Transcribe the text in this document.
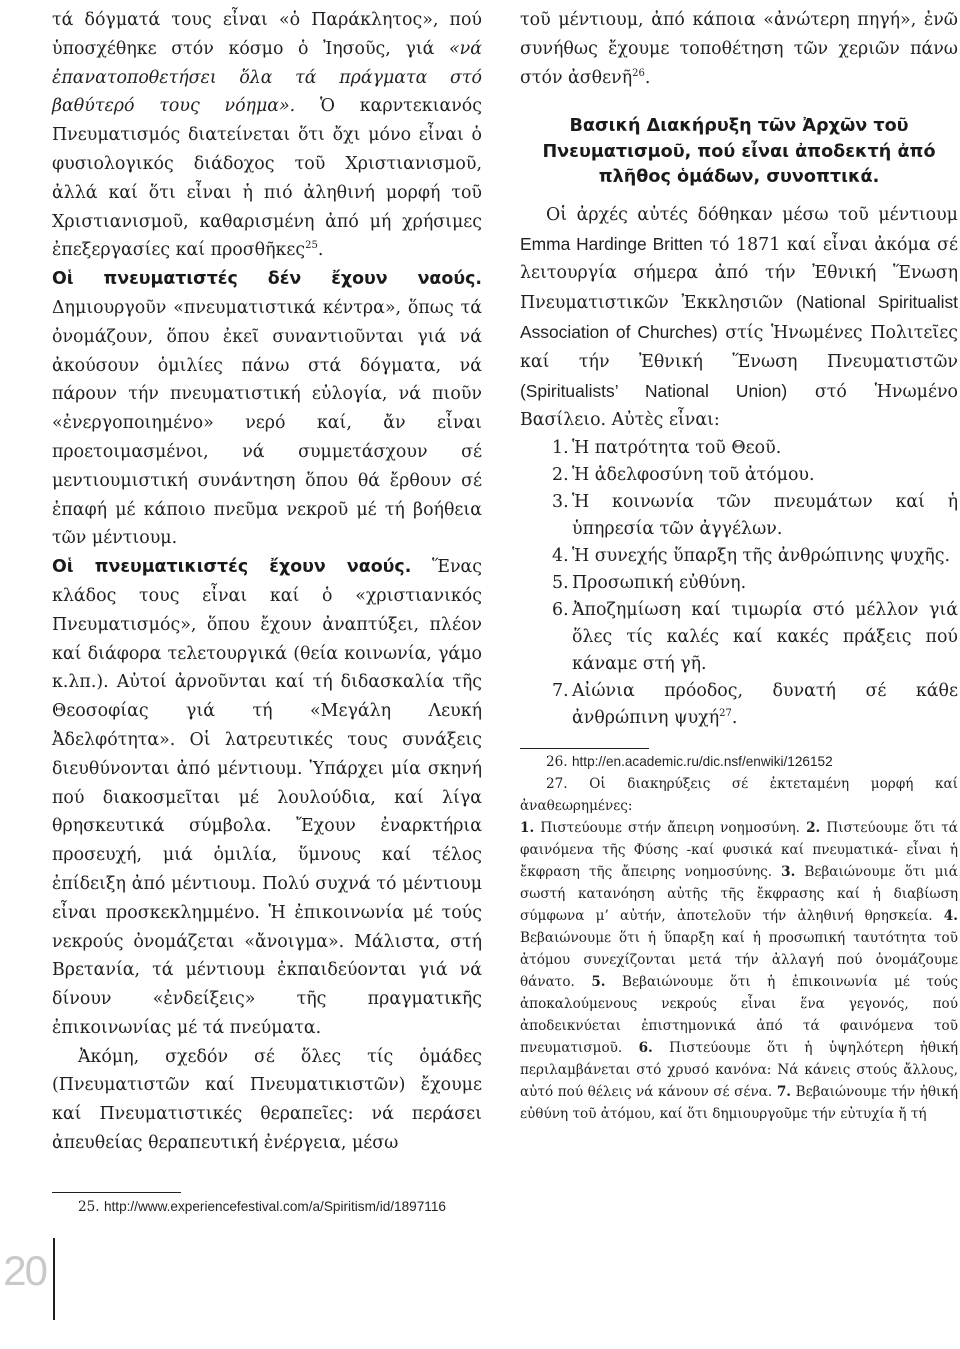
τά δόγματά τους εἶναι «ὁ Παράκλητος», πού ὑποσχέθηκε στόν κόσμο ὁ Ἰησοῦς, γιά «νά ἐπανατοποθετήσει ὅλα τά πράγματα στό βαθύτερό τους νόημα». Ὁ καρντεκιανός Πνευματισμός διατείνεται ὅτι ὄχι μόνο εἶναι ὁ φυσιολογικός διάδοχος τοῦ Χριστιανισμοῦ, ἀλλά καί ὅτι εἶναι ἡ πιό ἀληθινή μορφή τοῦ Χριστιανισμοῦ, καθαρισμένη ἀπό μή χρήσιμες ἐπεξεργασίες καί προσθῆκες$^{25}$.

Οἱ πνευματιστές δέν ἔχουν ναούς. Δημιουργοῦν «πνευματιστικά κέντρα», ὅπως τά ὀνομάζουν, ὅπου ἐκεῖ συναντιοῦνται γιά νά ἀκούσουν ὁμιλίες πάνω στά δόγματα, νά πάρουν τήν πνευματιστική εὐλογία, νά πιοῦν «ἐνεργοποιημένο» νερό καί, ἄν εἶναι προετοιμασμένοι, νά συμμετάσχουν σέ μεντιουμιστική συνάντηση ὅπου θά ἔρθουν σέ ἐπαφή μέ κάποιο πνεῦμα νεκροῦ μέ τή βοήθεια τῶν μέντιουμ.

Οἱ πνευματικιστές ἔχουν ναούς. Ἕνας κλάδος τους εἶναι καί ὁ «χριστιανικός Πνευματισμός», ὅπου ἔχουν ἀναπτύξει, πλέον καί διάφορα τελετουργικά (θεία κοινωνία, γάμο κ.λπ.). Αὐτοί ἀρνοῦνται καί τή διδασκαλία τῆς Θεοσοφίας γιά τή «Μεγάλη Λευκή Ἀδελφότητα». Οἱ λατρευτικές τους συνάξεις διευθύνονται ἀπό μέντιουμ. Ὑπάρχει μία σκηνή πού διακοσμεῖται μέ λουλούδια, καί λίγα θρησκευτικά σύμβολα. Ἔχουν ἐναρκτήρια προσευχή, μιά ὁμιλία, ὕμνους καί τέλος ἐπίδειξη ἀπό μέντιουμ. Πολύ συχνά τό μέντιουμ εἶναι προσκεκλημμένο. Ἡ ἐπικοινωνία μέ τούς νεκρούς ὀνομάζεται «ἄνοιγμα». Μάλιστα, στή Βρετανία, τά μέντιουμ ἐκπαιδεύονται γιά νά δίνουν «ἐνδείξεις» τῆς πραγματικῆς ἐπικοινωνίας μέ τά πνεύματα.

Ἀκόμη, σχεδόν σέ ὅλες τίς ὁμάδες (Πνευματιστῶν καί Πνευματικιστῶν) ἔχουμε καί Πνευματιστικές θεραπεῖες: νά περάσει ἀπευθείας θεραπευτική ἐνέργεια, μέσω

25. http://www.experiencefestival.com/a/Spiritism/id/1897116

τοῦ μέντιουμ, ἀπό κάποια «ἀνώτερη πηγή», ἐνῶ συνήθως ἔχουμε τοποθέτηση τῶν χεριῶν πάνω στόν ἀσθενῆ$^{26}$.

Βασική Διακήρυξη τῶν Ἀρχῶν τοῦ Πνευματισμοῦ, πού εἶναι ἀποδεκτή ἀπό πλῆθος ὁμάδων, συνοπτικά.

Οἱ ἀρχές αὐτές δόθηκαν μέσω τοῦ μέντιουμ Emma Hardinge Britten τό 1871 καί εἶναι ἀκόμα σέ λειτουργία σήμερα ἀπό τήν Ἐθνική Ἕνωση Πνευματιστικῶν Ἐκκλησιῶν (National Spiritualist Association of Churches) στίς Ἡνωμένες Πολιτεῖες καί τήν Ἐθνική Ἕνωση Πνευματιστῶν (Spiritualists’ National Union) στό Ἡνωμένο Βασίλειο. Αὐτὲς εἶναι:

1. Ἡ πατρότητα τοῦ Θεοῦ.
2. Ἡ ἀδελφοσύνη τοῦ ἀτόμου.
3. Ἡ κοινωνία τῶν πνευμάτων καί ἡ ὑπηρεσία τῶν ἀγγέλων.
4. Ἡ συνεχής ὕπαρξη τῆς ἀνθρώπινης ψυχῆς.
5. Προσωπική εὐθύνη.
6. Ἀποζημίωση καί τιμωρία στό μέλλον γιά ὅλες τίς καλές καί κακές πράξεις πού κάναμε στή γῆ.
7. Αἰώνια πρόοδος, δυνατή σέ κάθε ἀνθρώπινη ψυχή$^{27}$.

26. http://en.academic.ru/dic.nsf/enwiki/126152

27. Οἱ διακηρύξεις σέ ἐκτεταμένη μορφή καί ἀναθεωρημένες:

1. Πιστεύουμε στήν ἄπειρη νοημοσύνη. 2. Πιστεύουμε ὅτι τά φαινόμενα τῆς Φύσης -καί φυσικά καί πνευματικά- εἶναι ἡ ἔκφραση τῆς ἄπειρης νοημοσύνης. 3. Βεβαιώνουμε ὅτι μιά σωστή κατανόηση αὐτῆς τῆς ἔκφρασης καί ἡ διαβίωση σύμφωνα μ’ αὐτήν, ἀποτελοῦν τήν ἀληθινή θρησκεία. 4. Βεβαιώνουμε ὅτι ἡ ὕπαρξη καί ἡ προσωπική ταυτότητα τοῦ ἀτόμου συνεχίζονται μετά τήν ἀλλαγή πού ὀνομάζουμε θάνατο. 5. Βεβαιώνουμε ὅτι ἡ ἐπικοινωνία μέ τούς ἀποκαλούμενους νεκρούς εἶναι ἕνα γεγονός, πού ἀποδεικνύεται ἐπιστημονικά ἀπό τά φαινόμενα τοῦ πνευματισμοῦ. 6. Πιστεύουμε ὅτι ἡ ὑψηλότερη ἠθική περιλαμβάνεται στό χρυσό κανόνα: Νά κάνεις στούς ἄλλους, αὐτό πού θέλεις νά κάνουν σέ σένα. 7. Βεβαιώνουμε τήν ἠθική εὐθύνη τοῦ ἀτόμου, καί ὅτι δημιουργοῦμε τήν εὐτυχία ἤ τή

20
